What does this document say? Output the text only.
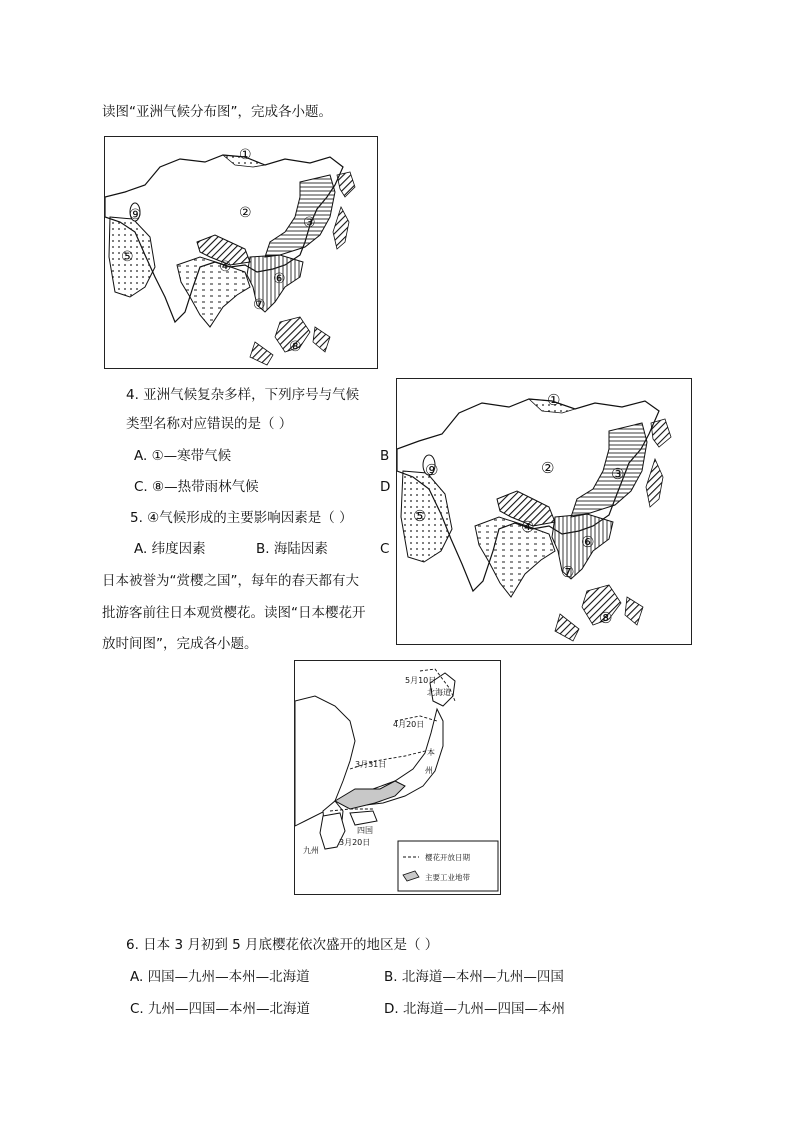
读图“亚洲气候分布图”，完成各小题。
①
②
③
④
⑤
⑥
⑦
⑧
⑨
4. 亚洲气候复杂多样，下列序号与气候
类型名称对应错误的是（ ）
A. ①—寒带气候	B
C. ⑧—热带雨林气候	D
5. ④气候形成的主要影响因素是（ ）
A. 纬度因素	B. 海陆因素	C
①
②	③
④
⑤
⑥
⑦
⑧
⑨
日本被誉为“赏樱之国”，每年的春天都有大
批游客前往日本观赏樱花。读图“日本樱花开
放时间图”，完成各小题。
5月10日
北海道
4月20日
本
州
3月31日
四国
3月20日
九州
樱花开放日期
主要工业地带
6. 日本 3 月初到 5 月底樱花依次盛开的地区是（ ）
A. 四国—九州—本州—北海道	B. 北海道—本州—九州—四国
C. 九州—四国—本州—北海道	D. 北海道—九州—四国—本州
